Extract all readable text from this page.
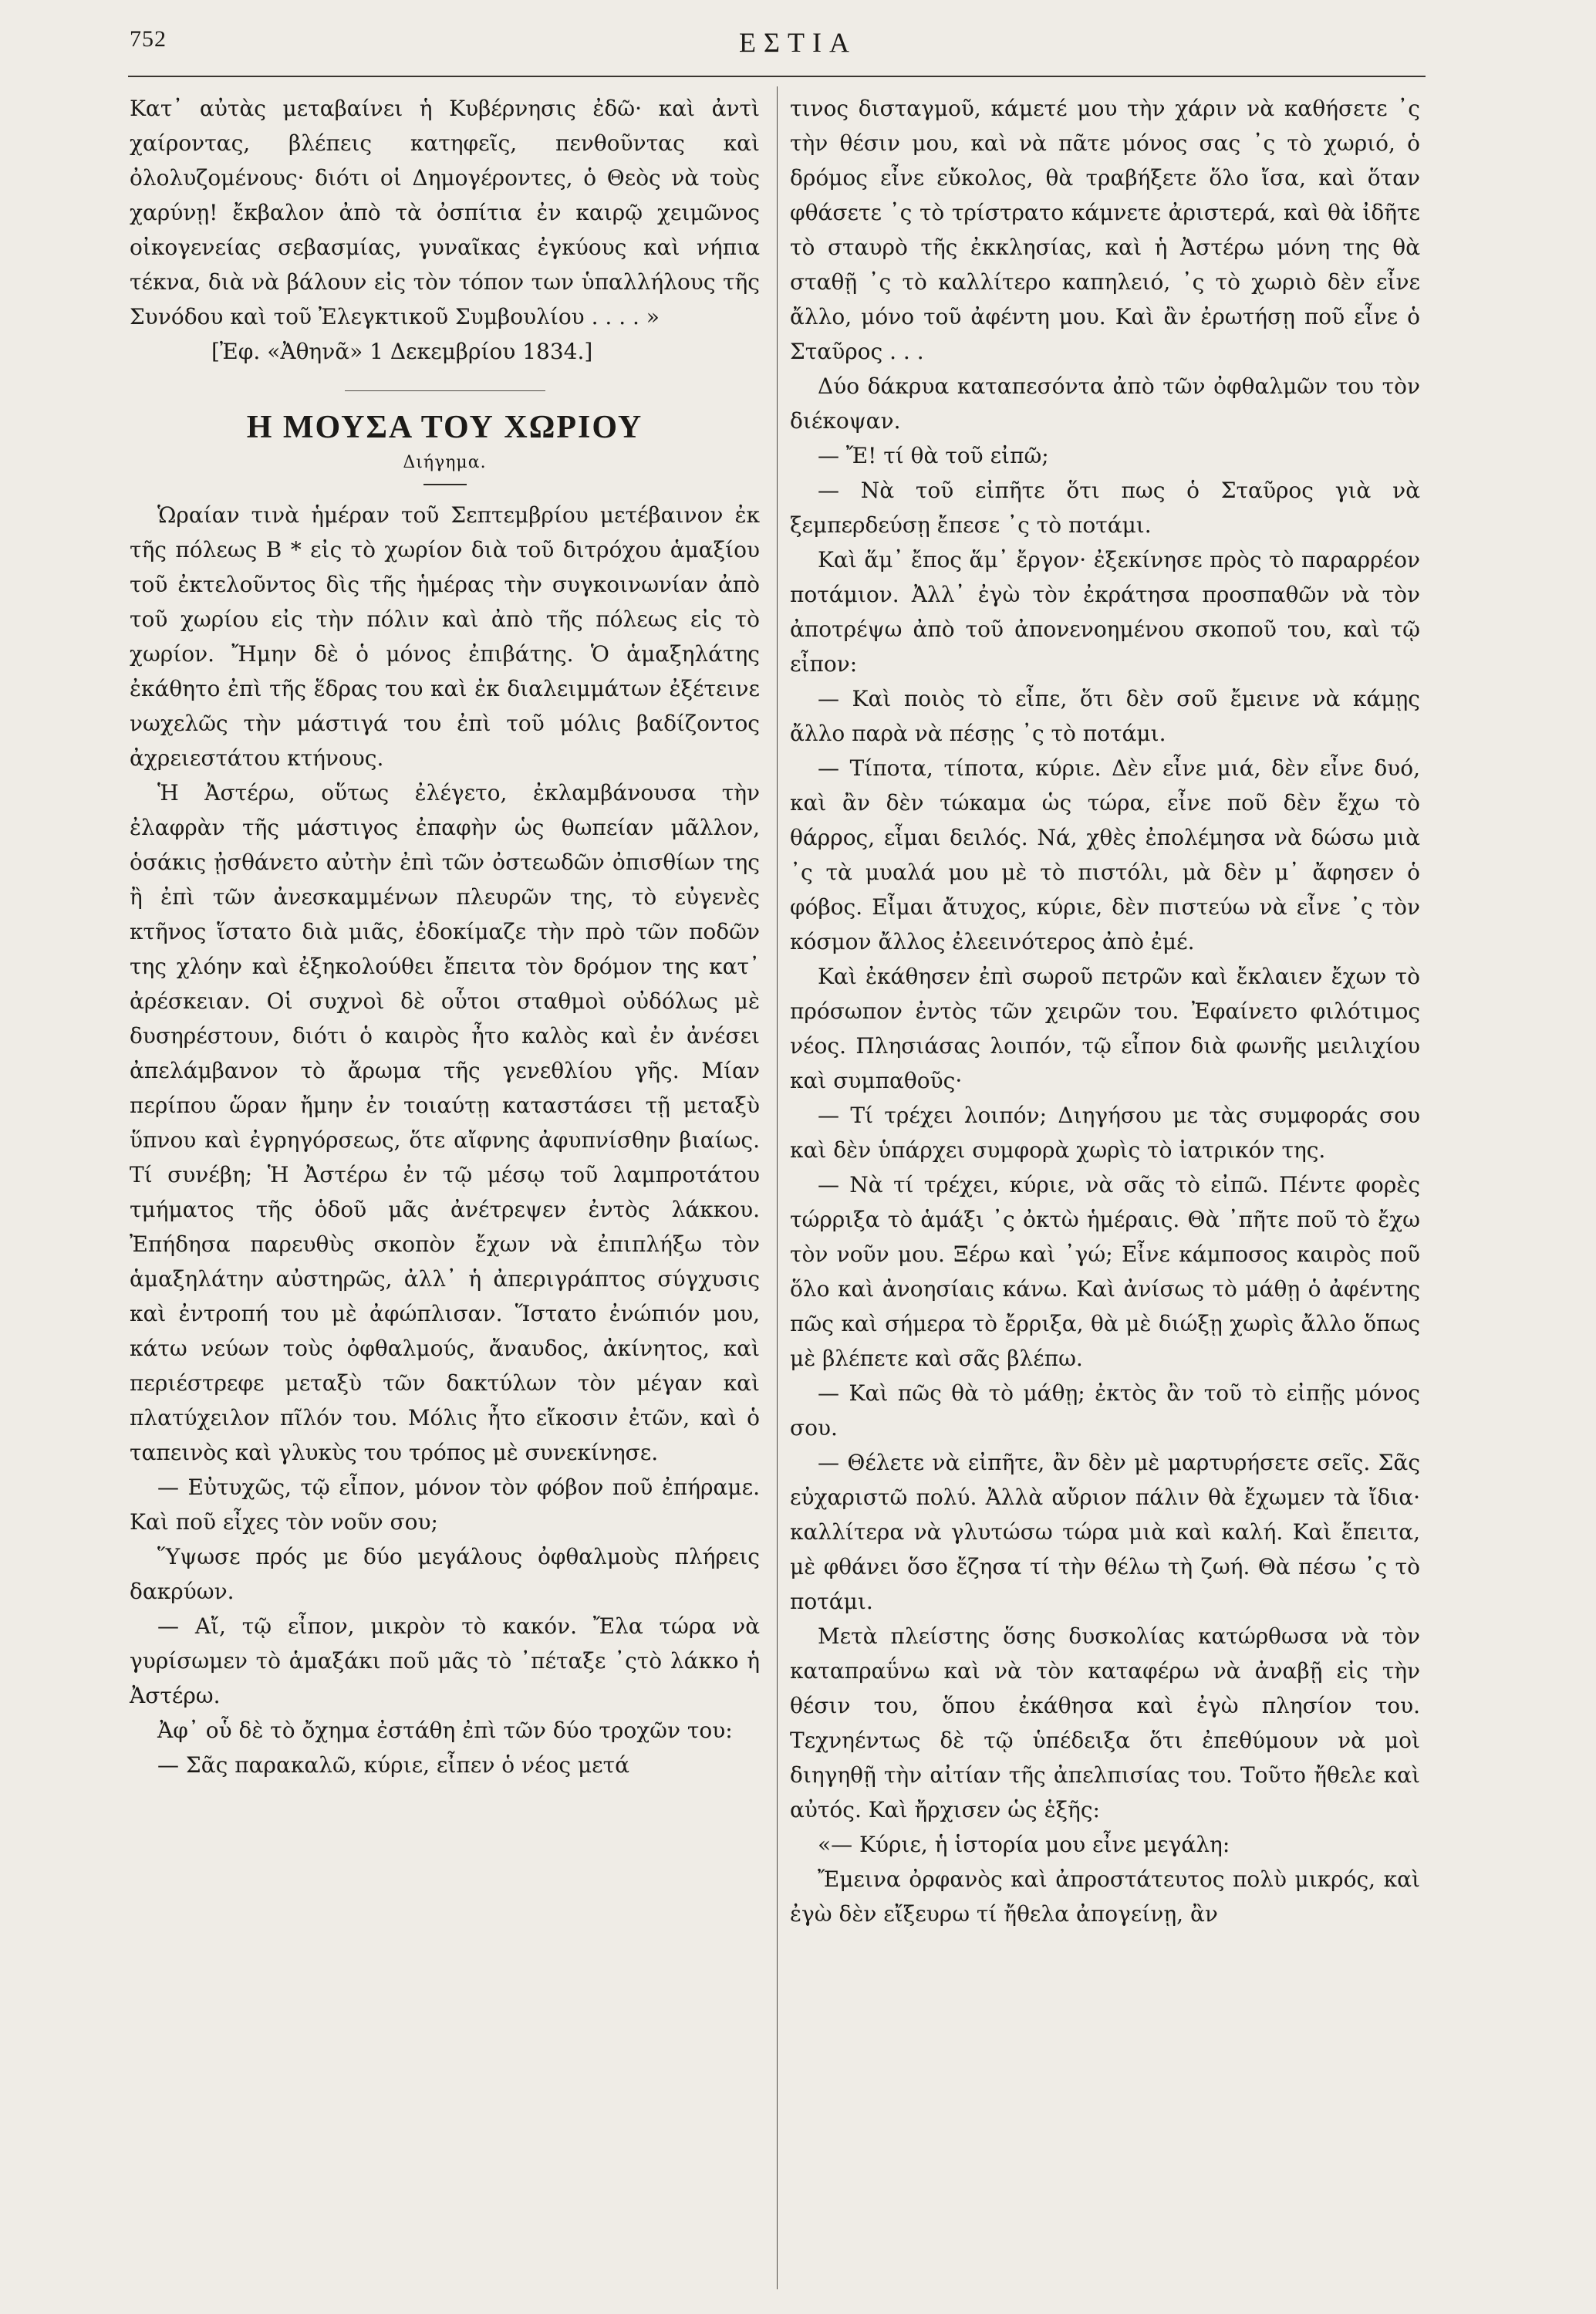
752	ΕΣΤΙΑ

Κατ᾽ αὐτὰς μεταβαίνει ἡ Κυβέρνησις ἐδῶ· καὶ ἀντὶ χαίροντας, βλέπεις κατηφεῖς, πενθοῦντας καὶ ὀλολυζομένους· διότι οἱ Δημογέροντες, ὁ Θεὸς νὰ τοὺς χαρύνῃ! ἔκβαλον ἀπὸ τὰ ὀσπίτια ἐν καιρῷ χειμῶνος οἰκογενείας σεβασμίας, γυναῖκας ἐγκύους καὶ νήπια τέκνα, διὰ νὰ βάλουν εἰς τὸν τόπον των ὑπαλλήλους τῆς Συνόδου καὶ τοῦ Ἐλεγκτικοῦ Συμβουλίου . . . . »

[Ἐφ. «Ἀθηνᾶ» 1 Δεκεμβρίου 1834.]

Η ΜΟΥΣΑ ΤΟΥ ΧΩΡΙΟΥ
Διήγημα.

Ὡραίαν τινὰ ἡμέραν τοῦ Σεπτεμβρίου μετέβαινον ἐκ τῆς πόλεως Β * εἰς τὸ χωρίον διὰ τοῦ διτρόχου ἁμαξίου τοῦ ἐκτελοῦντος δὶς τῆς ἡμέρας τὴν συγκοινωνίαν ἀπὸ τοῦ χωρίου εἰς τὴν πόλιν καὶ ἀπὸ τῆς πόλεως εἰς τὸ χωρίον. Ἤμην δὲ ὁ μόνος ἐπιβάτης. Ὁ ἁμαξηλάτης ἐκάθητο ἐπὶ τῆς ἕδρας του καὶ ἐκ διαλειμμάτων ἐξέτεινε νωχελῶς τὴν μάστιγά του ἐπὶ τοῦ μόλις βαδίζοντος ἀχρειεστάτου κτήνους.

Ἡ Ἀστέρω, οὕτως ἐλέγετο, ἐκλαμβάνουσα τὴν ἐλαφρὰν τῆς μάστιγος ἐπαφὴν ὡς θωπείαν μᾶλλον, ὁσάκις ᾐσθάνετο αὐτὴν ἐπὶ τῶν ὀστεωδῶν ὀπισθίων της ἢ ἐπὶ τῶν ἀνεσκαμμένων πλευρῶν της, τὸ εὐγενὲς κτῆνος ἵστατο διὰ μιᾶς, ἐδοκίμαζε τὴν πρὸ τῶν ποδῶν της χλόην καὶ ἐξηκολούθει ἔπειτα τὸν δρόμον της κατ᾽ ἀρέσκειαν. Οἱ συχνοὶ δὲ οὗτοι σταθμοὶ οὐδόλως μὲ δυσηρέστουν, διότι ὁ καιρὸς ἦτο καλὸς καὶ ἐν ἀνέσει ἀπελάμβανον τὸ ἄρωμα τῆς γενεθλίου γῆς. Μίαν περίπου ὥραν ἤμην ἐν τοιαύτῃ καταστάσει τῇ μεταξὺ ὕπνου καὶ ἐγρηγόρσεως, ὅτε αἴφνης ἀφυπνίσθην βιαίως. Τί συνέβη; Ἡ Ἀστέρω ἐν τῷ μέσῳ τοῦ λαμπροτάτου τμήματος τῆς ὁδοῦ μᾶς ἀνέτρεψεν ἐντὸς λάκκου. Ἐπήδησα παρευθὺς σκοπὸν ἔχων νὰ ἐπιπλήξω τὸν ἁμαξηλάτην αὐστηρῶς, ἀλλ᾽ ἡ ἀπεριγράπτος σύγχυσις καὶ ἐντροπή του μὲ ἀφώπλισαν. Ἵστατο ἐνώπιόν μου, κάτω νεύων τοὺς ὀφθαλμούς, ἄναυδος, ἀκίνητος, καὶ περιέστρεφε μεταξὺ τῶν δακτύλων τὸν μέγαν καὶ πλατύχειλον πῖλόν του. Μόλις ἦτο εἴκοσιν ἐτῶν, καὶ ὁ ταπεινὸς καὶ γλυκὺς του τρόπος μὲ συνεκίνησε.

— Εὐτυχῶς, τῷ εἶπον, μόνον τὸν φόβον ποῦ ἐπήραμε. Καὶ ποῦ εἶχες τὸν νοῦν σου;

Ὕψωσε πρός με δύο μεγάλους ὀφθαλμοὺς πλήρεις δακρύων.

— Αἴ, τῷ εἶπον, μικρὸν τὸ κακόν. Ἔλα τώρα νὰ γυρίσωμεν τὸ ἁμαξάκι ποῦ μᾶς τὸ ᾽πέταξε ᾽ςτὸ λάκκο ἡ Ἀστέρω.

Ἀφ᾽ οὗ δὲ τὸ ὄχημα ἐστάθη ἐπὶ τῶν δύο τροχῶν του:

— Σᾶς παρακαλῶ, κύριε, εἶπεν ὁ νέος μετά

τινος δισταγμοῦ, κάμετέ μου τὴν χάριν νὰ καθήσετε ᾽ς τὴν θέσιν μου, καὶ νὰ πᾶτε μόνος σας ᾽ς τὸ χωριό, ὁ δρόμος εἶνε εὔκολος, θὰ τραβήξετε ὅλο ἴσα, καὶ ὅταν φθάσετε ᾽ς τὸ τρίστρατο κάμνετε ἀριστερά, καὶ θὰ ἰδῆτε τὸ σταυρὸ τῆς ἐκκλησίας, καὶ ἡ Ἀστέρω μόνη της θὰ σταθῇ ᾽ς τὸ καλλίτερο καπηλειό, ᾽ς τὸ χωριὸ δὲν εἶνε ἄλλο, μόνο τοῦ ἀφέντη μου. Καὶ ἂν ἐρωτήσῃ ποῦ εἶνε ὁ Σταῦρος . . .

Δύο δάκρυα καταπεσόντα ἀπὸ τῶν ὀφθαλμῶν του τὸν διέκοψαν.

— Ἔ! τί θὰ τοῦ εἰπῶ;

— Νὰ τοῦ εἰπῆτε ὅτι πως ὁ Σταῦρος γιὰ νὰ ξεμπερδεύσῃ ἔπεσε ᾽ς τὸ ποτάμι.

Καὶ ἅμ᾽ ἔπος ἅμ᾽ ἔργον· ἐξεκίνησε πρὸς τὸ παραρρέον ποτάμιον. Ἀλλ᾽ ἐγὼ τὸν ἐκράτησα προσπαθῶν νὰ τὸν ἀποτρέψω ἀπὸ τοῦ ἀπονενοημένου σκοποῦ του, καὶ τῷ εἶπον:

— Καὶ ποιὸς τὸ εἶπε, ὅτι δὲν σοῦ ἔμεινε νὰ κάμῃς ἄλλο παρὰ νὰ πέσῃς ᾽ς τὸ ποτάμι.

— Τίποτα, τίποτα, κύριε. Δὲν εἶνε μιά, δὲν εἶνε δυό, καὶ ἂν δὲν τώκαμα ὡς τώρα, εἶνε ποῦ δὲν ἔχω τὸ θάρρος, εἶμαι δειλός. Νά, χθὲς ἐπολέμησα νὰ δώσω μιὰ ᾽ς τὰ μυαλά μου μὲ τὸ πιστόλι, μὰ δὲν μ᾽ ἄφησεν ὁ φόβος. Εἶμαι ἄτυχος, κύριε, δὲν πιστεύω νὰ εἶνε ᾽ς τὸν κόσμον ἄλλος ἐλεεινότερος ἀπὸ ἐμέ.

Καὶ ἐκάθησεν ἐπὶ σωροῦ πετρῶν καὶ ἔκλαιεν ἔχων τὸ πρόσωπον ἐντὸς τῶν χειρῶν του. Ἐφαίνετο φιλότιμος νέος. Πλησιάσας λοιπόν, τῷ εἶπον διὰ φωνῆς μειλιχίου καὶ συμπαθοῦς·

— Τί τρέχει λοιπόν; Διηγήσου με τὰς συμφοράς σου καὶ δὲν ὑπάρχει συμφορὰ χωρὶς τὸ ἰατρικόν της.

— Νὰ τί τρέχει, κύριε, νὰ σᾶς τὸ εἰπῶ. Πέντε φορὲς τώρριξα τὸ ἁμάξι ᾽ς ὀκτὼ ἡμέραις. Θὰ ᾽πῆτε ποῦ τὸ ἔχω τὸν νοῦν μου. Ξέρω καὶ ᾽γώ; Εἶνε κάμποσος καιρὸς ποῦ ὅλο καὶ ἀνοησίαις κάνω. Καὶ ἀνίσως τὸ μάθῃ ὁ ἀφέντης πῶς καὶ σήμερα τὸ ἔρριξα, θὰ μὲ διώξῃ χωρὶς ἄλλο ὅπως μὲ βλέπετε καὶ σᾶς βλέπω.

— Καὶ πῶς θὰ τὸ μάθῃ; ἐκτὸς ἂν τοῦ τὸ εἰπῇς μόνος σου.

— Θέλετε νὰ εἰπῆτε, ἂν δὲν μὲ μαρτυρήσετε σεῖς. Σᾶς εὐχαριστῶ πολύ. Ἀλλὰ αὔριον πάλιν θὰ ἔχωμεν τὰ ἴδια· καλλίτερα νὰ γλυτώσω τώρα μιὰ καὶ καλή. Καὶ ἔπειτα, μὲ φθάνει ὅσο ἔζησα τί τὴν θέλω τὴ ζωή. Θὰ πέσω ᾽ς τὸ ποτάμι.

Μετὰ πλείστης ὅσης δυσκολίας κατώρθωσα νὰ τὸν καταπραΰνω καὶ νὰ τὸν καταφέρω νὰ ἀναβῇ εἰς τὴν θέσιν του, ὅπου ἐκάθησα καὶ ἐγὼ πλησίον του. Τεχνηέντως δὲ τῷ ὑπέδειξα ὅτι ἐπεθύμουν νὰ μοὶ διηγηθῇ τὴν αἰτίαν τῆς ἀπελπισίας του. Τοῦτο ἤθελε καὶ αὐτός. Καὶ ἤρχισεν ὡς ἑξῆς:

«— Κύριε, ἡ ἱστορία μου εἶνε μεγάλη:

Ἔμεινα ὀρφανὸς καὶ ἀπροστάτευτος πολὺ μικρός, καὶ ἐγὼ δὲν εἴξευρω τί ἤθελα ἀπογείνῃ, ἂν
